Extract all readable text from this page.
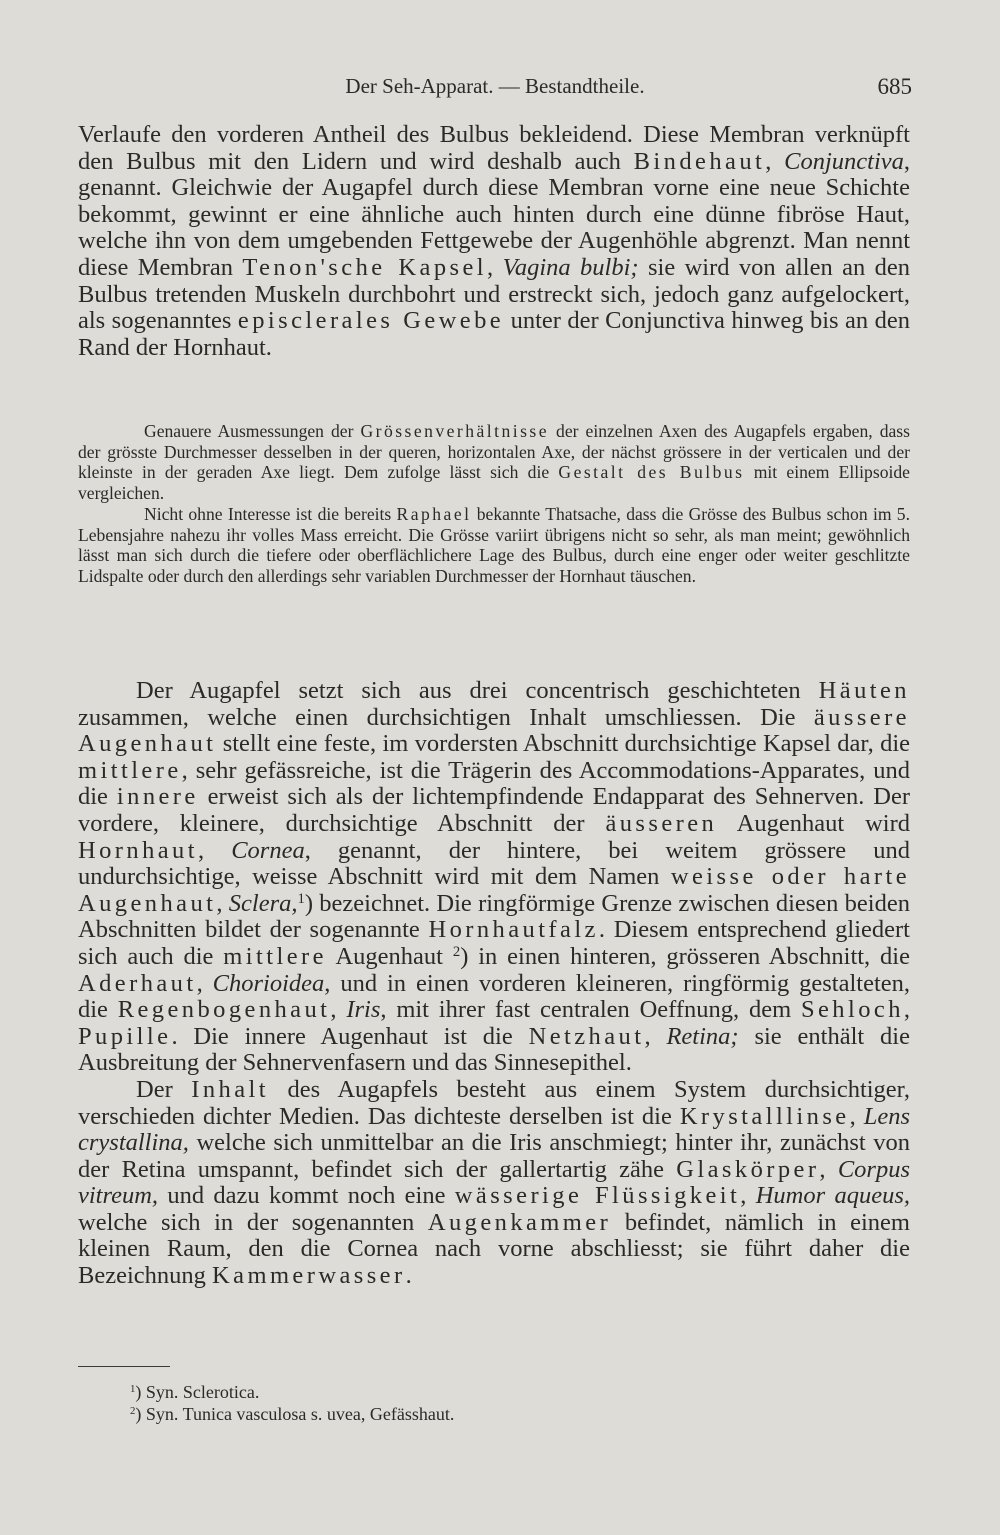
Der Seh-Apparat. — Bestandtheile.	685

Verlaufe den vorderen Antheil des Bulbus bekleidend. Diese Membran verknüpft den Bulbus mit den Lidern und wird deshalb auch Bindehaut, Conjunctiva, genannt. Gleichwie der Augapfel durch diese Membran vorne eine neue Schichte bekommt, gewinnt er eine ähnliche auch hinten durch eine dünne fibröse Haut, welche ihn von dem umgebenden Fettgewebe der Augenhöhle abgrenzt. Man nennt diese Membran Tenon'sche Kapsel, Vagina bulbi; sie wird von allen an den Bulbus tretenden Muskeln durchbohrt und erstreckt sich, jedoch ganz aufgelockert, als sogenanntes episclerales Gewebe unter der Conjunctiva hinweg bis an den Rand der Hornhaut.

Genauere Ausmessungen der Grössenverhältnisse der einzelnen Axen des Augapfels ergaben, dass der grösste Durchmesser desselben in der queren, horizontalen Axe, der nächst grössere in der verticalen und der kleinste in der geraden Axe liegt. Dem zufolge lässt sich die Gestalt des Bulbus mit einem Ellipsoide vergleichen.

Nicht ohne Interesse ist die bereits Raphael bekannte Thatsache, dass die Grösse des Bulbus schon im 5. Lebensjahre nahezu ihr volles Mass erreicht. Die Grösse variirt übrigens nicht so sehr, als man meint; gewöhnlich lässt man sich durch die tiefere oder oberflächlichere Lage des Bulbus, durch eine enger oder weiter geschlitzte Lidspalte oder durch den allerdings sehr variablen Durchmesser der Hornhaut täuschen.

Der Augapfel setzt sich aus drei concentrisch geschichteten Häuten zusammen, welche einen durchsichtigen Inhalt umschliessen. Die äussere Augenhaut stellt eine feste, im vordersten Abschnitt durchsichtige Kapsel dar, die mittlere, sehr gefässreiche, ist die Trägerin des Accommodations-Apparates, und die innere erweist sich als der lichtempfindende Endapparat des Sehnerven. Der vordere, kleinere, durchsichtige Abschnitt der äusseren Augenhaut wird Hornhaut, Cornea, genannt, der hintere, bei weitem grössere und undurchsichtige, weisse Abschnitt wird mit dem Namen weisse oder harte Augenhaut, Sclera,$^1$) bezeichnet. Die ringförmige Grenze zwischen diesen beiden Abschnitten bildet der sogenannte Hornhautfalz. Diesem entsprechend gliedert sich auch die mittlere Augenhaut $^2$) in einen hinteren, grösseren Abschnitt, die Aderhaut, Chorioidea, und in einen vorderen kleineren, ringförmig gestalteten, die Regenbogenhaut, Iris, mit ihrer fast centralen Oeffnung, dem Sehloch, Pupille. Die innere Augenhaut ist die Netzhaut, Retina; sie enthält die Ausbreitung der Sehnervenfasern und das Sinnesepithel.

Der Inhalt des Augapfels besteht aus einem System durchsichtiger, verschieden dichter Medien. Das dichteste derselben ist die Krystalllinse, Lens crystallina, welche sich unmittelbar an die Iris anschmiegt; hinter ihr, zunächst von der Retina umspannt, befindet sich der gallertartig zähe Glaskörper, Corpus vitreum, und dazu kommt noch eine wässerige Flüssigkeit, Humor aqueus, welche sich in der sogenannten Augenkammer befindet, nämlich in einem kleinen Raum, den die Cornea nach vorne abschliesst; sie führt daher die Bezeichnung Kammerwasser.

$^1$) Syn. Sclerotica.
$^2$) Syn. Tunica vasculosa s. uvea, Gefässhaut.
